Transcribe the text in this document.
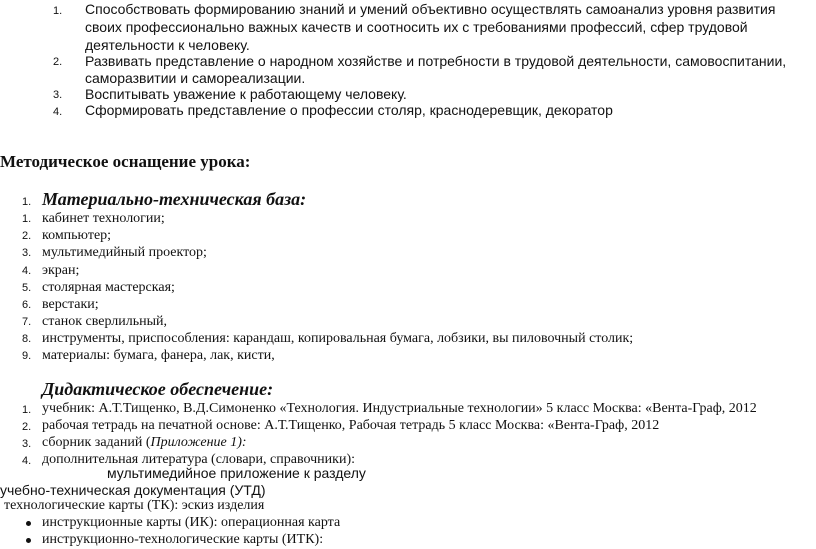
1. Способствовать формированию знаний и умений объективно осуществлять самоанализ уровня развития
своих профессионально важных качеств и соотносить их с требованиями профессий, сфер трудовой
деятельности к человеку.
2. Развивать представление о народном хозяйстве и потребности в трудовой деятельности, самовоспитании,
саморазвитии и самореализации.
3. Воспитывать уважение к работающему человеку.
4. Сформировать представление о профессии столяр, краснодеревщик, декоратор
Методическое оснащение урока:
1. Материально-техническая база:
1. кабинет технологии;
2. компьютер;
3. мультимедийный проектор;
4. экран;
5. столярная мастерская;
6. верстаки;
7. станок сверлильный,
8. инструменты, приспособления: карандаш, копировальная бумага, лобзики, вы пиловочный столик;
9. материалы: бумага, фанера, лак, кисти,
Дидактическое обеспечение:
1. учебник: А.Т.Тищенко, В.Д.Симоненко «Технология. Индустриальные технологии» 5 класс Москва: «Вента-Граф, 2012
2. рабочая тетрадь на печатной основе: А.Т.Тищенко, Рабочая тетрадь 5 класс Москва: «Вента-Граф, 2012
3. сборник заданий (Приложение 1):
4. дополнительная литература (словари, справочники):
мультимедийное приложение к разделу
учебно-техническая документация (УТД)
технологические карты (ТК): эскиз изделия
инструкционные карты (ИК): операционная карта
инструкционно-технологические карты (ИТК):
